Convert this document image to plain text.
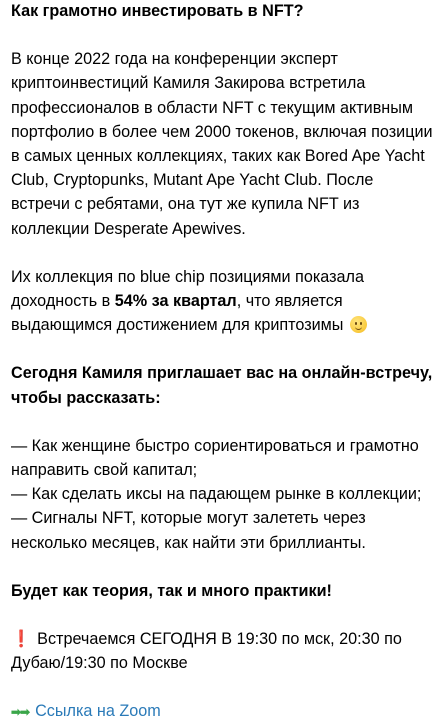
Как грамотно инвестировать в NFT?

В конце 2022 года на конференции эксперт криптоинвестиций Камиля Закирова встретила профессионалов в области NFT с текущим активным портфолио в более чем 2000 токенов, включая позиции в самых ценных коллекциях, таких как Bored Ape Yacht Club, Cryptopunks, Mutant Ape Yacht Club. После встречи с ребятами, она тут же купила NFT из коллекции Desperate Apewives.

Их коллекция по blue chip позициями показала доходность в 54% за квартал, что является выдающимся достижением для криптозимы

Сегодня Камиля приглашает вас на онлайн-встречу, чтобы рассказать:

— Как женщине быстро сориентироваться и грамотно направить свой капитал;

— Как сделать иксы на падающем рынке в коллекции;

— Сигналы NFT, которые могут залететь через несколько месяцев, как найти эти бриллианты.

Будет как теория, так и много практики!

❗ Встречаемся СЕГОДНЯ В 19:30 по мск, 20:30 по Дубаю/19:30 по Москве

➡➡ Ссылка на Zoom
